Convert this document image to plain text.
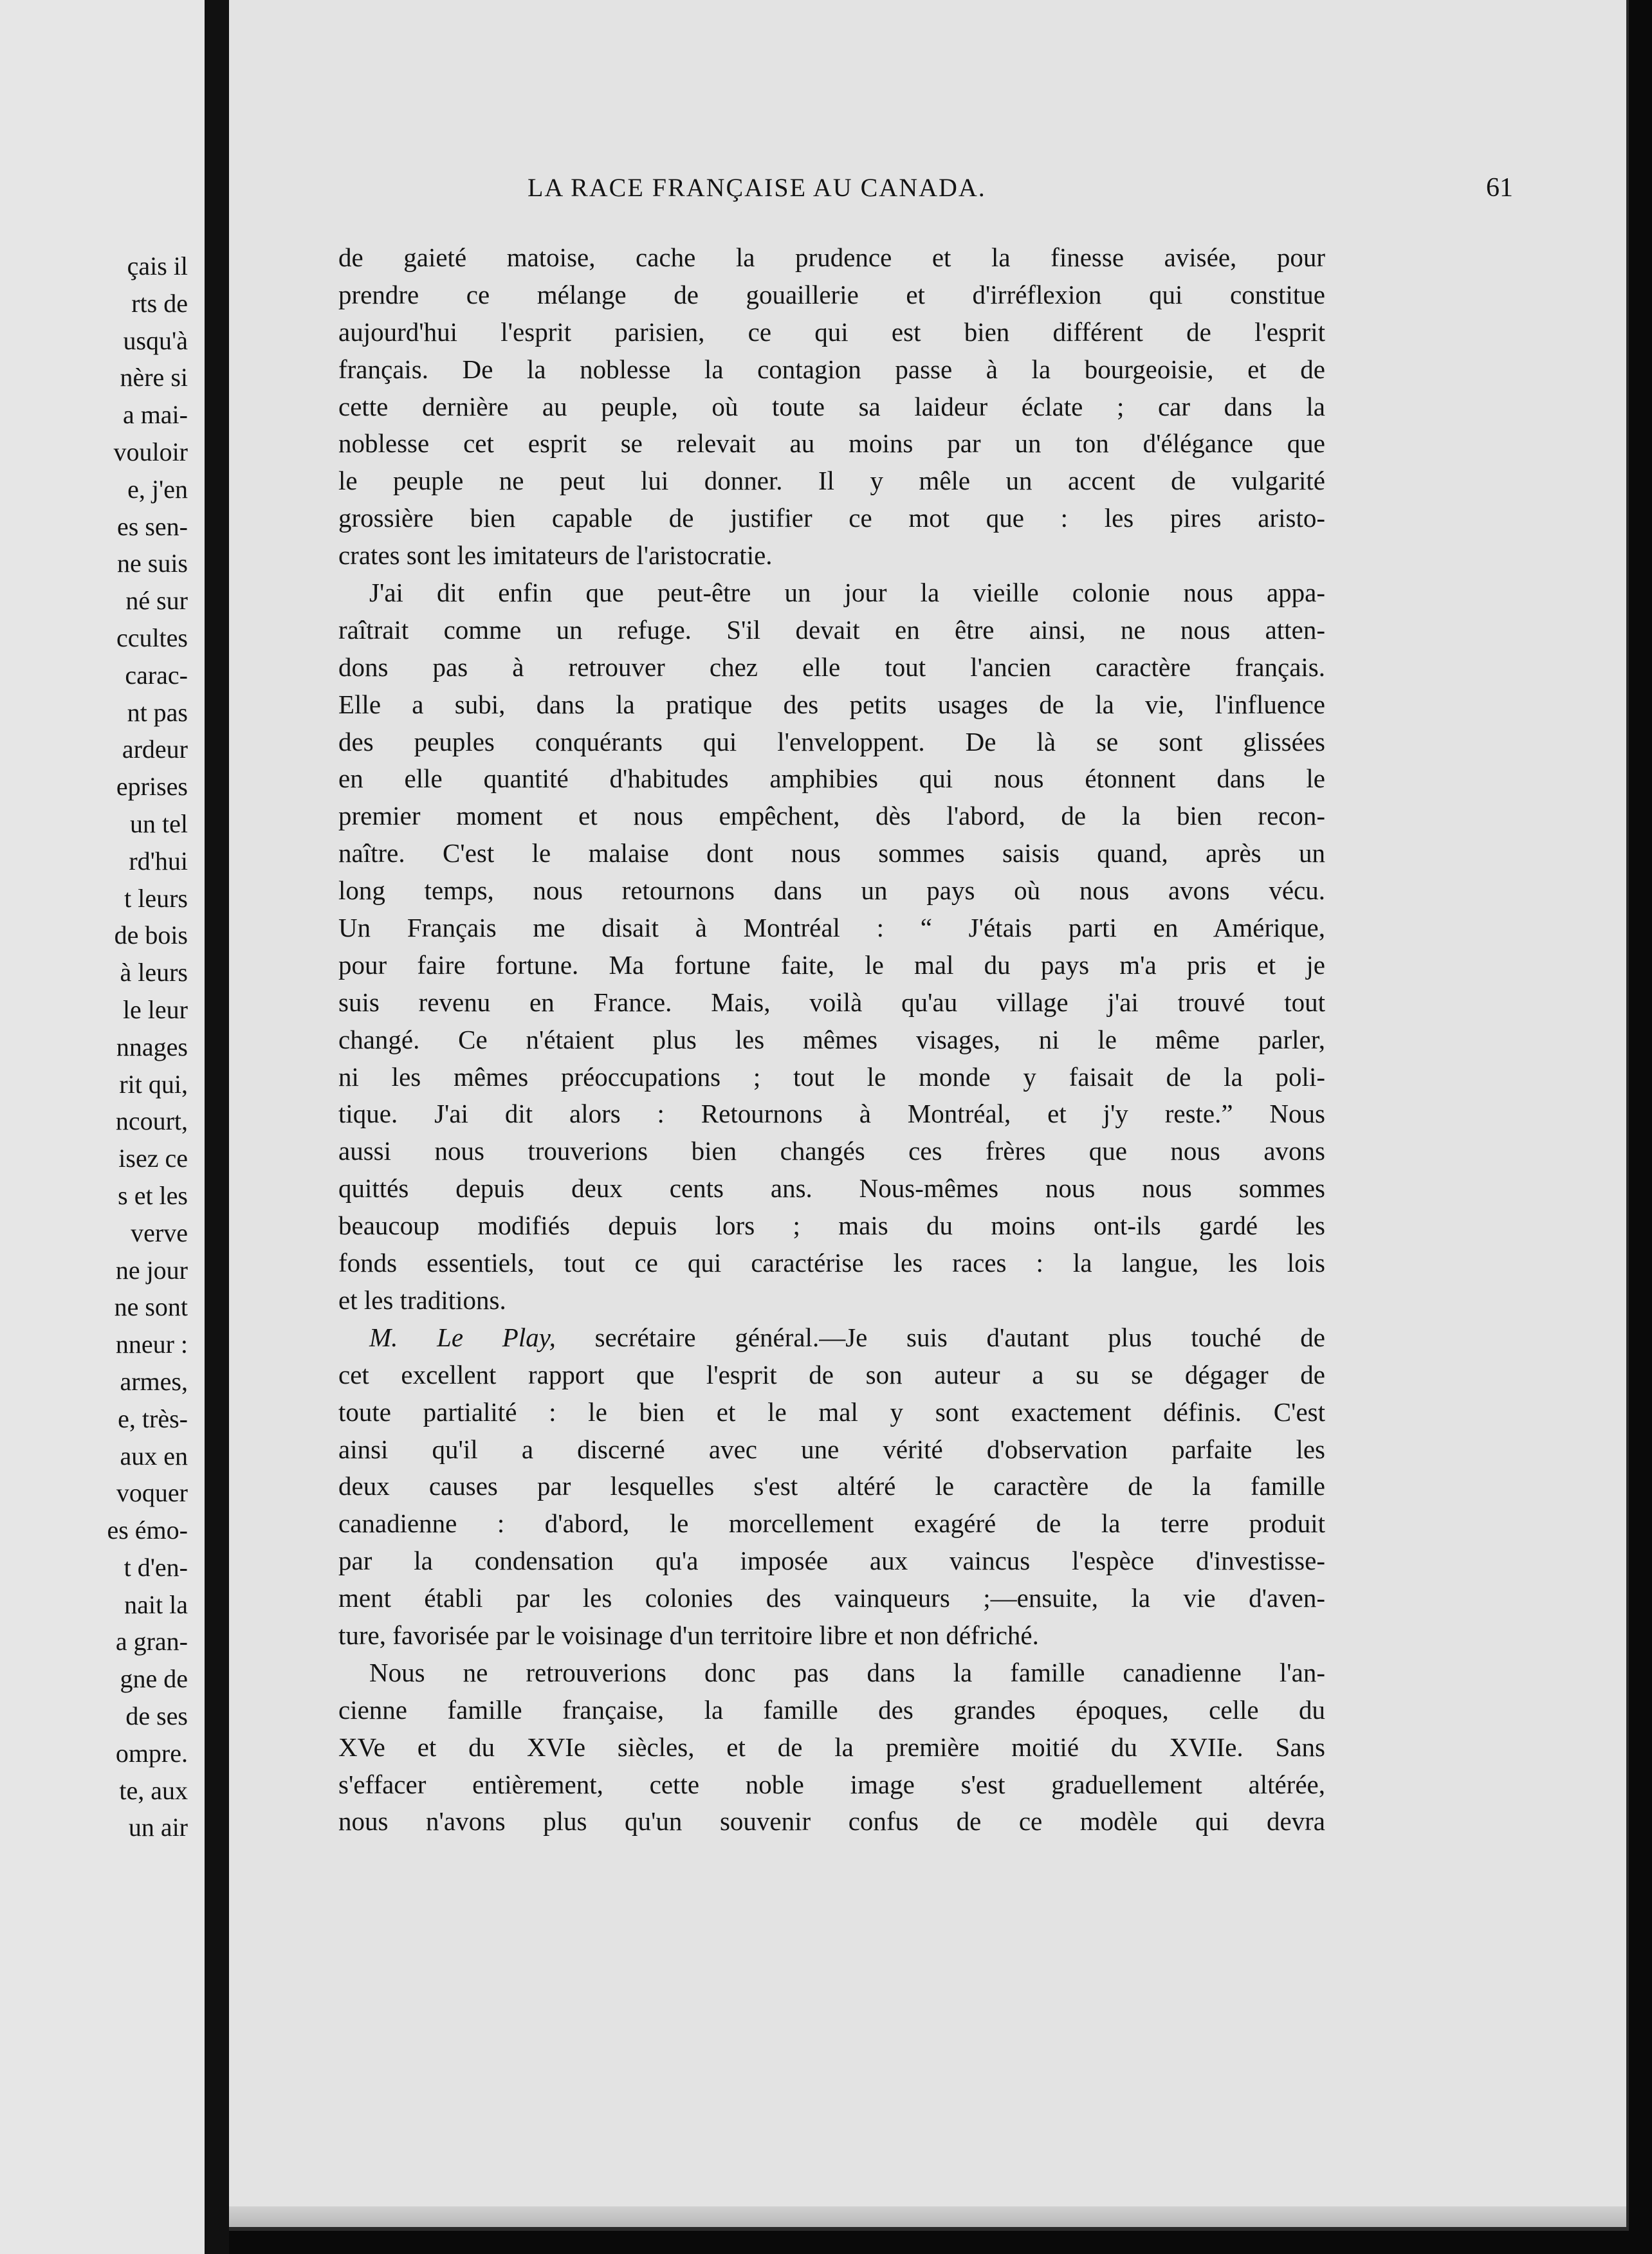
çais il
rts de
usqu'à
nère si
a mai-
vouloir
e, j'en
es sen-
ne suis
né sur
ccultes
carac-
nt pas
ardeur
eprises
un tel
rd'hui
t leurs
de bois
à leurs
le leur
nnages
rit qui,
ncourt,
isez ce
s et les
verve
ne jour
ne sont
nneur :
armes,
e, très-
aux en
voquer
es émo-
t d'en-
nait la
a gran-
gne de
de ses
ompre.
te, aux
un air
LA RACE FRANÇAISE AU CANADA.	61

de gaieté matoise, cache la prudence et la finesse avisée, pour
prendre ce mélange de gouaillerie et d'irréflexion qui constitue
aujourd'hui l'esprit parisien, ce qui est bien différent de l'esprit
français. De la noblesse la contagion passe à la bourgeoisie, et de
cette dernière au peuple, où toute sa laideur éclate ; car dans la
noblesse cet esprit se relevait au moins par un ton d'élégance que
le peuple ne peut lui donner. Il y mêle un accent de vulgarité
grossière bien capable de justifier ce mot que : les pires aristo-
crates sont les imitateurs de l'aristocratie.

J'ai dit enfin que peut-être un jour la vieille colonie nous appa-
raîtrait comme un refuge. S'il devait en être ainsi, ne nous atten-
dons pas à retrouver chez elle tout l'ancien caractère français.
Elle a subi, dans la pratique des petits usages de la vie, l'influence
des peuples conquérants qui l'enveloppent. De là se sont glissées
en elle quantité d'habitudes amphibies qui nous étonnent dans le
premier moment et nous empêchent, dès l'abord, de la bien recon-
naître. C'est le malaise dont nous sommes saisis quand, après un
long temps, nous retournons dans un pays où nous avons vécu.
Un Français me disait à Montréal : “ J'étais parti en Amérique,
pour faire fortune. Ma fortune faite, le mal du pays m'a pris et je
suis revenu en France. Mais, voilà qu'au village j'ai trouvé tout
changé. Ce n'étaient plus les mêmes visages, ni le même parler,
ni les mêmes préoccupations ; tout le monde y faisait de la poli-
tique. J'ai dit alors : Retournons à Montréal, et j'y reste.” Nous
aussi nous trouverions bien changés ces frères que nous avons
quittés depuis deux cents ans. Nous-mêmes nous nous sommes
beaucoup modifiés depuis lors ; mais du moins ont-ils gardé les
fonds essentiels, tout ce qui caractérise les races : la langue, les lois
et les traditions.

M. Le Play, secrétaire général.—Je suis d'autant plus touché de
cet excellent rapport que l'esprit de son auteur a su se dégager de
toute partialité : le bien et le mal y sont exactement définis. C'est
ainsi qu'il a discerné avec une vérité d'observation parfaite les
deux causes par lesquelles s'est altéré le caractère de la famille
canadienne : d'abord, le morcellement exagéré de la terre produit
par la condensation qu'a imposée aux vaincus l'espèce d'investisse-
ment établi par les colonies des vainqueurs ;—ensuite, la vie d'aven-
ture, favorisée par le voisinage d'un territoire libre et non défriché.

Nous ne retrouverions donc pas dans la famille canadienne l'an-
cienne famille française, la famille des grandes époques, celle du
XVe et du XVIe siècles, et de la première moitié du XVIIe. Sans
s'effacer entièrement, cette noble image s'est graduellement altérée,
nous n'avons plus qu'un souvenir confus de ce modèle qui devra
